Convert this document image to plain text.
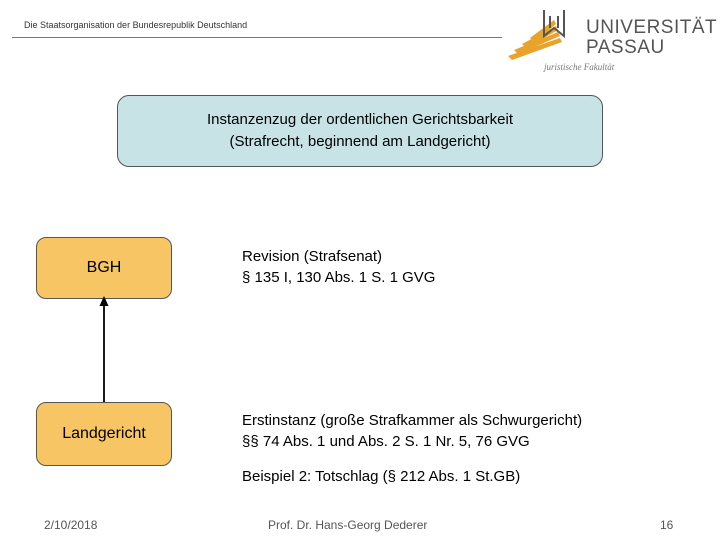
Die Staatsorganisation der Bundesrepublik Deutschland	UNIVERSITÄT
PASSAU
juristische Fakultät
Instanzenzug der ordentlichen Gerichtsbarkeit
(Strafrecht, beginnend am Landgericht)
BGH
Landgericht
Revision (Strafsenat)
§ 135 I, 130 Abs. 1 S. 1 GVG
Erstinstanz (große Strafkammer als Schwurgericht)
§§ 74 Abs. 1 und Abs. 2 S. 1 Nr. 5, 76 GVG
Beispiel 2: Totschlag (§ 212 Abs. 1 St.GB)
2/10/2018	Prof. Dr. Hans-Georg Dederer	16
